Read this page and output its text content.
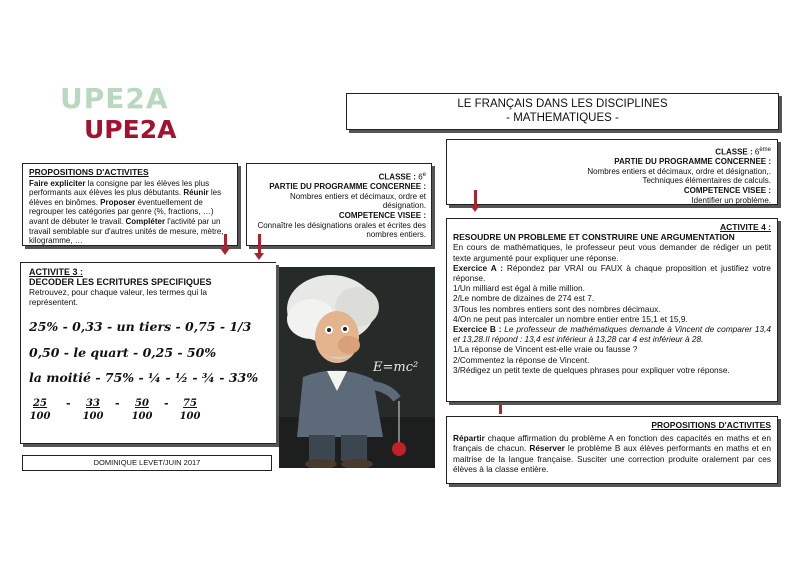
UPE2A
UPE2A
LE FRANÇAIS DANS LES DISCIPLINES
- MATHEMATIQUES -
PROPOSITIONS D'ACTIVITES
Faire expliciter la consigne par les élèves les plus performants aux élèves les plus débutants. Réunir les élèves en binômes. Proposer éventuellement de regrouper les catégories par genre (%, fractions, …) avant de débuter le travail. Compléter l'activité par un travail semblable sur d'autres unités de mesure, mètre, kilogramme, …
CLASSE : 6e
PARTIE DU PROGRAMME CONCERNEE :
Nombres entiers et décimaux, ordre et désignation.
COMPETENCE VISEE :
Connaître les désignations orales et écrites des nombres entiers.
CLASSE : 6ème
PARTIE DU PROGRAMME CONCERNEE :
Nombres entiers et décimaux, ordre et désignation,.
Techniques élémentaires de calculs.
COMPETENCE VISEE :
Identifier un problème.
ACTIVITE 3 :
DECODER LES ECRITURES SPECIFIQUES
Retrouvez, pour chaque valeur, les termes qui la représentent.
25% - 0,33 - un tiers - 0,75 - 1/3
0,50 - le quart - 0,25 - 50%
la moitié - 75% - ¼ - ½ - ¾ - 33%
$\frac{25}{100} - \frac{33}{100} - \frac{50}{100} - \frac{75}{100}$
E=mc²
DOMINIQUE LEVET/JUIN 2017

ACTIVITE 4 :

RESOUDRE UN PROBLEME ET CONSTRUIRE UNE ARGUMENTATION

En cours de mathématiques, le professeur peut vous demander de rédiger un petit texte argumenté pour expliquer une réponse.

Exercice A : Répondez par VRAI ou FAUX à chaque proposition et justifiez votre réponse.

1/Un milliard est égal à mille million.

2/Le nombre de dizaines de 274 est 7.

3/Tous les nombres entiers sont des nombres décimaux.

4/On ne peut pas intercaler un nombre entier entre 15,1 et 15,9.

Exercice B : Le professeur de mathématiques demande à Vincent de comparer 13,4 et 13,28.Il répond : 13,4 est inférieur à 13,28 car 4 est inférieur à 28.

1/La réponse de Vincent est-elle vraie ou fausse ?

2/Commentez la réponse de Vincent.

3/Rédigez un petit texte de quelques phrases pour expliquer votre réponse.

PROPOSITIONS D'ACTIVITES

Répartir chaque affirmation du problème A en fonction des capacités en maths et en français de chacun. Réserver le problème B aux élèves performants en maths et en maitrise de la langue française. Susciter une correction produite oralement par ces élèves à la classe entière.
